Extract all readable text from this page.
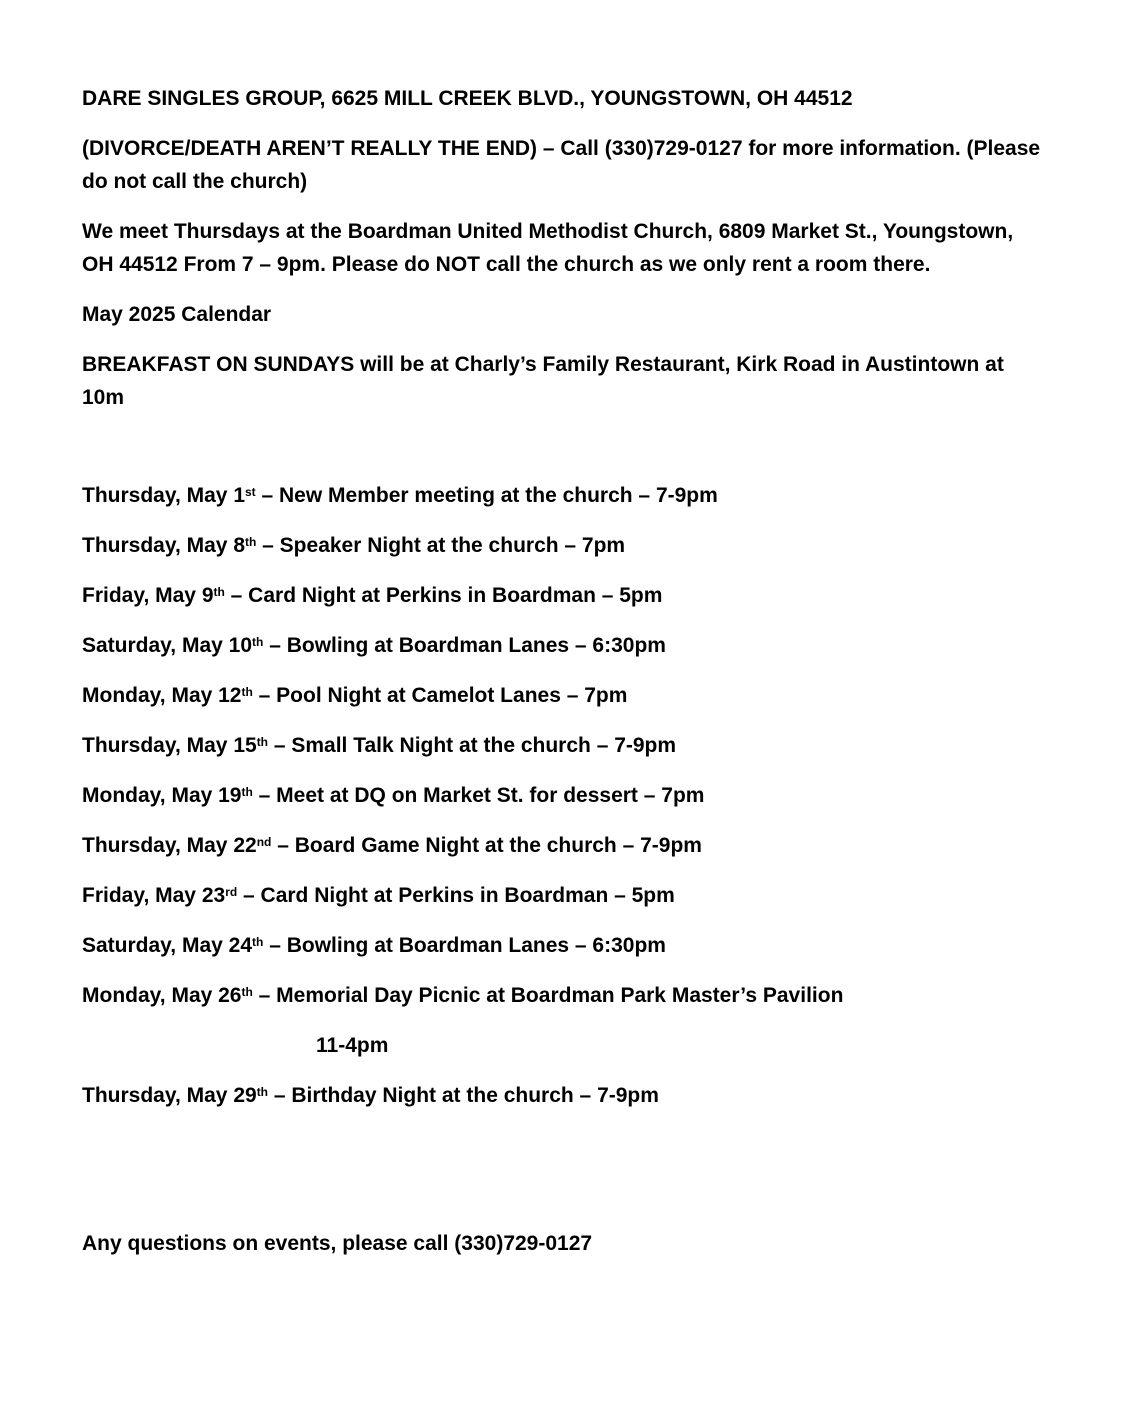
DARE SINGLES GROUP, 6625 MILL CREEK BLVD., YOUNGSTOWN, OH 44512

(DIVORCE/DEATH AREN’T REALLY THE END) – Call (330)729-0127 for more information. (Please do not call the church)

We meet Thursdays at the Boardman United Methodist Church, 6809 Market St., Youngstown, OH 44512 From 7 – 9pm. Please do NOT call the church as we only rent a room there.

May 2025 Calendar

BREAKFAST ON SUNDAYS will be at Charly’s Family Restaurant, Kirk Road in Austintown at 10m

Thursday, May 1st – New Member meeting at the church – 7-9pm
Thursday, May 8th – Speaker Night at the church – 7pm
Friday, May 9th – Card Night at Perkins in Boardman – 5pm
Saturday, May 10th – Bowling at Boardman Lanes – 6:30pm
Monday, May 12th – Pool Night at Camelot Lanes – 7pm
Thursday, May 15th – Small Talk Night at the church – 7-9pm
Monday, May 19th – Meet at DQ on Market St. for dessert – 7pm
Thursday, May 22nd – Board Game Night at the church – 7-9pm
Friday, May 23rd – Card Night at Perkins in Boardman – 5pm
Saturday, May 24th – Bowling at Boardman Lanes – 6:30pm
Monday, May 26th – Memorial Day Picnic at Boardman Park Master’s Pavilion
11-4pm
Thursday, May 29th – Birthday Night at the church – 7-9pm

Any questions on events, please call (330)729-0127
